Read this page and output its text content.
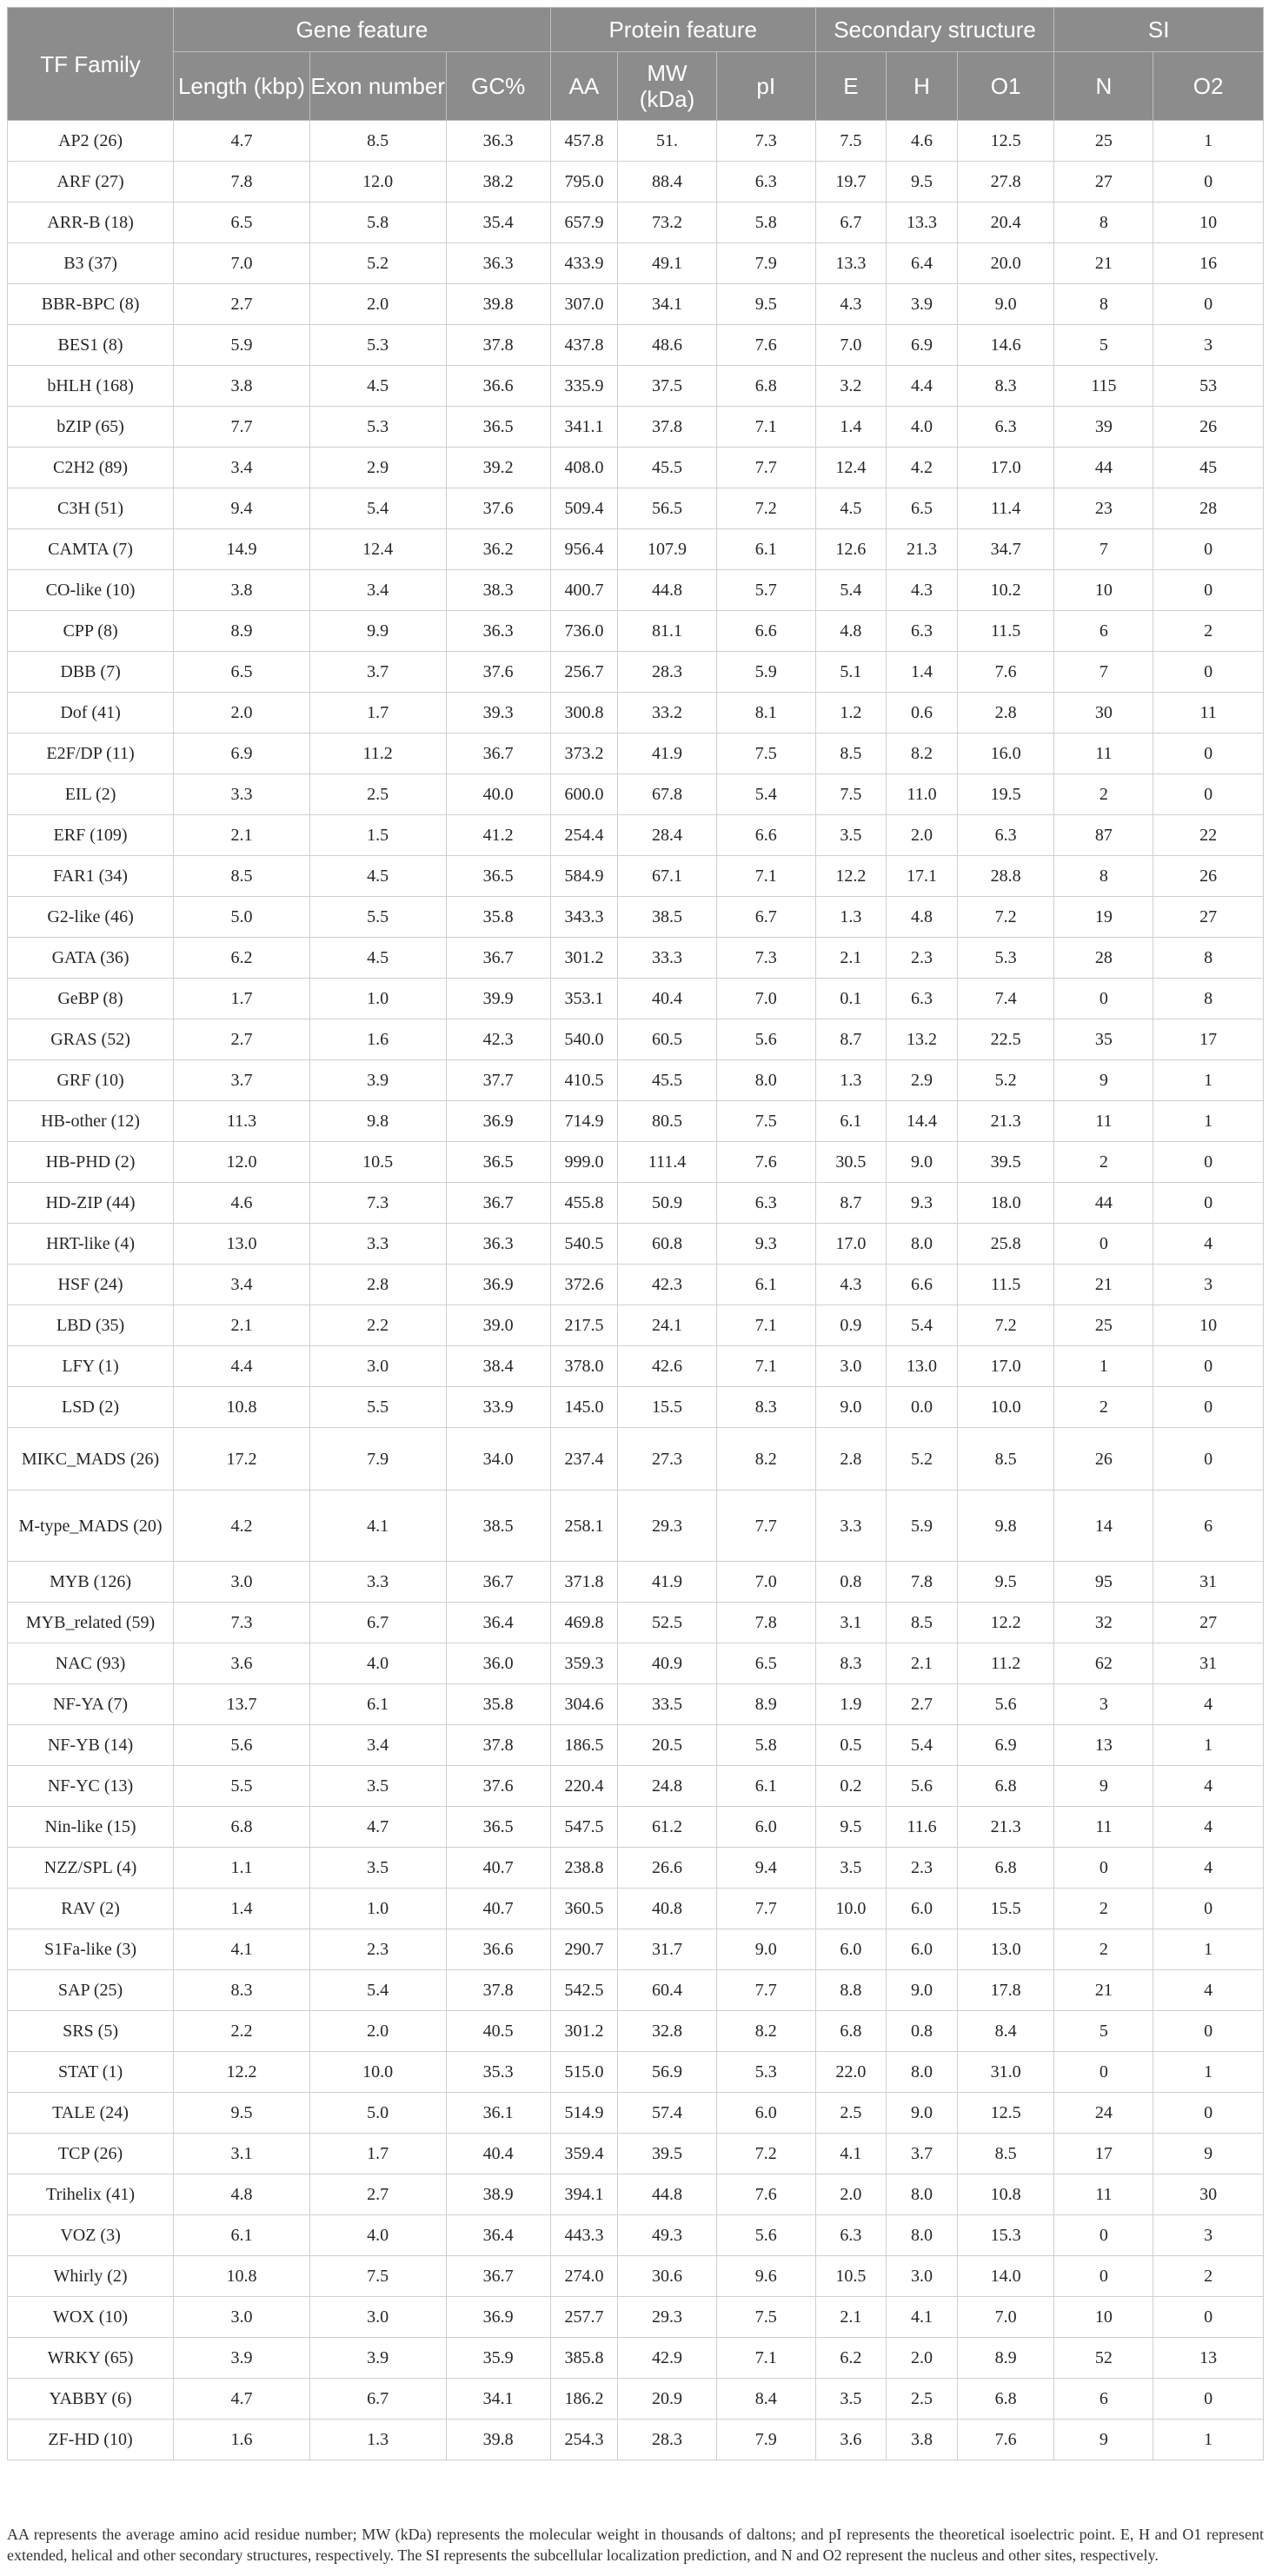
TF Family	Gene feature			Protein feature			Secondary structure			SI	
	Length (kbp)	Exon number	GC%	AA	MW (kDa)	pI	E	H	O1	N	O2
AP2 (26)	4.7	8.5	36.3	457.8	51.	7.3	7.5	4.6	12.5	25	1
ARF (27)	7.8	12.0	38.2	795.0	88.4	6.3	19.7	9.5	27.8	27	0
ARR-B (18)	6.5	5.8	35.4	657.9	73.2	5.8	6.7	13.3	20.4	8	10
B3 (37)	7.0	5.2	36.3	433.9	49.1	7.9	13.3	6.4	20.0	21	16
BBR-BPC (8)	2.7	2.0	39.8	307.0	34.1	9.5	4.3	3.9	9.0	8	0
BES1 (8)	5.9	5.3	37.8	437.8	48.6	7.6	7.0	6.9	14.6	5	3
bHLH (168)	3.8	4.5	36.6	335.9	37.5	6.8	3.2	4.4	8.3	115	53
bZIP (65)	7.7	5.3	36.5	341.1	37.8	7.1	1.4	4.0	6.3	39	26
C2H2 (89)	3.4	2.9	39.2	408.0	45.5	7.7	12.4	4.2	17.0	44	45
C3H (51)	9.4	5.4	37.6	509.4	56.5	7.2	4.5	6.5	11.4	23	28
CAMTA (7)	14.9	12.4	36.2	956.4	107.9	6.1	12.6	21.3	34.7	7	0
CO-like (10)	3.8	3.4	38.3	400.7	44.8	5.7	5.4	4.3	10.2	10	0
CPP (8)	8.9	9.9	36.3	736.0	81.1	6.6	4.8	6.3	11.5	6	2
DBB (7)	6.5	3.7	37.6	256.7	28.3	5.9	5.1	1.4	7.6	7	0
Dof (41)	2.0	1.7	39.3	300.8	33.2	8.1	1.2	0.6	2.8	30	11
E2F/DP (11)	6.9	11.2	36.7	373.2	41.9	7.5	8.5	8.2	16.0	11	0
EIL (2)	3.3	2.5	40.0	600.0	67.8	5.4	7.5	11.0	19.5	2	0
ERF (109)	2.1	1.5	41.2	254.4	28.4	6.6	3.5	2.0	6.3	87	22
FAR1 (34)	8.5	4.5	36.5	584.9	67.1	7.1	12.2	17.1	28.8	8	26
G2-like (46)	5.0	5.5	35.8	343.3	38.5	6.7	1.3	4.8	7.2	19	27
GATA (36)	6.2	4.5	36.7	301.2	33.3	7.3	2.1	2.3	5.3	28	8
GeBP (8)	1.7	1.0	39.9	353.1	40.4	7.0	0.1	6.3	7.4	0	8
GRAS (52)	2.7	1.6	42.3	540.0	60.5	5.6	8.7	13.2	22.5	35	17
GRF (10)	3.7	3.9	37.7	410.5	45.5	8.0	1.3	2.9	5.2	9	1
HB-other (12)	11.3	9.8	36.9	714.9	80.5	7.5	6.1	14.4	21.3	11	1
HB-PHD (2)	12.0	10.5	36.5	999.0	111.4	7.6	30.5	9.0	39.5	2	0
HD-ZIP (44)	4.6	7.3	36.7	455.8	50.9	6.3	8.7	9.3	18.0	44	0
HRT-like (4)	13.0	3.3	36.3	540.5	60.8	9.3	17.0	8.0	25.8	0	4
HSF (24)	3.4	2.8	36.9	372.6	42.3	6.1	4.3	6.6	11.5	21	3
LBD (35)	2.1	2.2	39.0	217.5	24.1	7.1	0.9	5.4	7.2	25	10
LFY (1)	4.4	3.0	38.4	378.0	42.6	7.1	3.0	13.0	17.0	1	0
LSD (2)	10.8	5.5	33.9	145.0	15.5	8.3	9.0	0.0	10.0	2	0
MIKC_MADS (26)	17.2	7.9	34.0	237.4	27.3	8.2	2.8	5.2	8.5	26	0
M-type_MADS (20)	4.2	4.1	38.5	258.1	29.3	7.7	3.3	5.9	9.8	14	6
MYB (126)	3.0	3.3	36.7	371.8	41.9	7.0	0.8	7.8	9.5	95	31
MYB_related (59)	7.3	6.7	36.4	469.8	52.5	7.8	3.1	8.5	12.2	32	27
NAC (93)	3.6	4.0	36.0	359.3	40.9	6.5	8.3	2.1	11.2	62	31
NF-YA (7)	13.7	6.1	35.8	304.6	33.5	8.9	1.9	2.7	5.6	3	4
NF-YB (14)	5.6	3.4	37.8	186.5	20.5	5.8	0.5	5.4	6.9	13	1
NF-YC (13)	5.5	3.5	37.6	220.4	24.8	6.1	0.2	5.6	6.8	9	4
Nin-like (15)	6.8	4.7	36.5	547.5	61.2	6.0	9.5	11.6	21.3	11	4
NZZ/SPL (4)	1.1	3.5	40.7	238.8	26.6	9.4	3.5	2.3	6.8	0	4
RAV (2)	1.4	1.0	40.7	360.5	40.8	7.7	10.0	6.0	15.5	2	0
S1Fa-like (3)	4.1	2.3	36.6	290.7	31.7	9.0	6.0	6.0	13.0	2	1
SAP (25)	8.3	5.4	37.8	542.5	60.4	7.7	8.8	9.0	17.8	21	4
SRS (5)	2.2	2.0	40.5	301.2	32.8	8.2	6.8	0.8	8.4	5	0
STAT (1)	12.2	10.0	35.3	515.0	56.9	5.3	22.0	8.0	31.0	0	1
TALE (24)	9.5	5.0	36.1	514.9	57.4	6.0	2.5	9.0	12.5	24	0
TCP (26)	3.1	1.7	40.4	359.4	39.5	7.2	4.1	3.7	8.5	17	9
Trihelix (41)	4.8	2.7	38.9	394.1	44.8	7.6	2.0	8.0	10.8	11	30
VOZ (3)	6.1	4.0	36.4	443.3	49.3	5.6	6.3	8.0	15.3	0	3
Whirly (2)	10.8	7.5	36.7	274.0	30.6	9.6	10.5	3.0	14.0	0	2
WOX (10)	3.0	3.0	36.9	257.7	29.3	7.5	2.1	4.1	7.0	10	0
WRKY (65)	3.9	3.9	35.9	385.8	42.9	7.1	6.2	2.0	8.9	52	13
YABBY (6)	4.7	6.7	34.1	186.2	20.9	8.4	3.5	2.5	6.8	6	0
ZF-HD (10)	1.6	1.3	39.8	254.3	28.3	7.9	3.6	3.8	7.6	9	1
AA represents the average amino acid residue number; MW (kDa) represents the molecular weight in thousands of daltons; and pI represents the theoretical isoelectric point. E, H and O1 represent extended, helical and other secondary structures, respectively. The SI represents the subcellular localization prediction, and N and O2 represent the nucleus and other sites, respectively.
